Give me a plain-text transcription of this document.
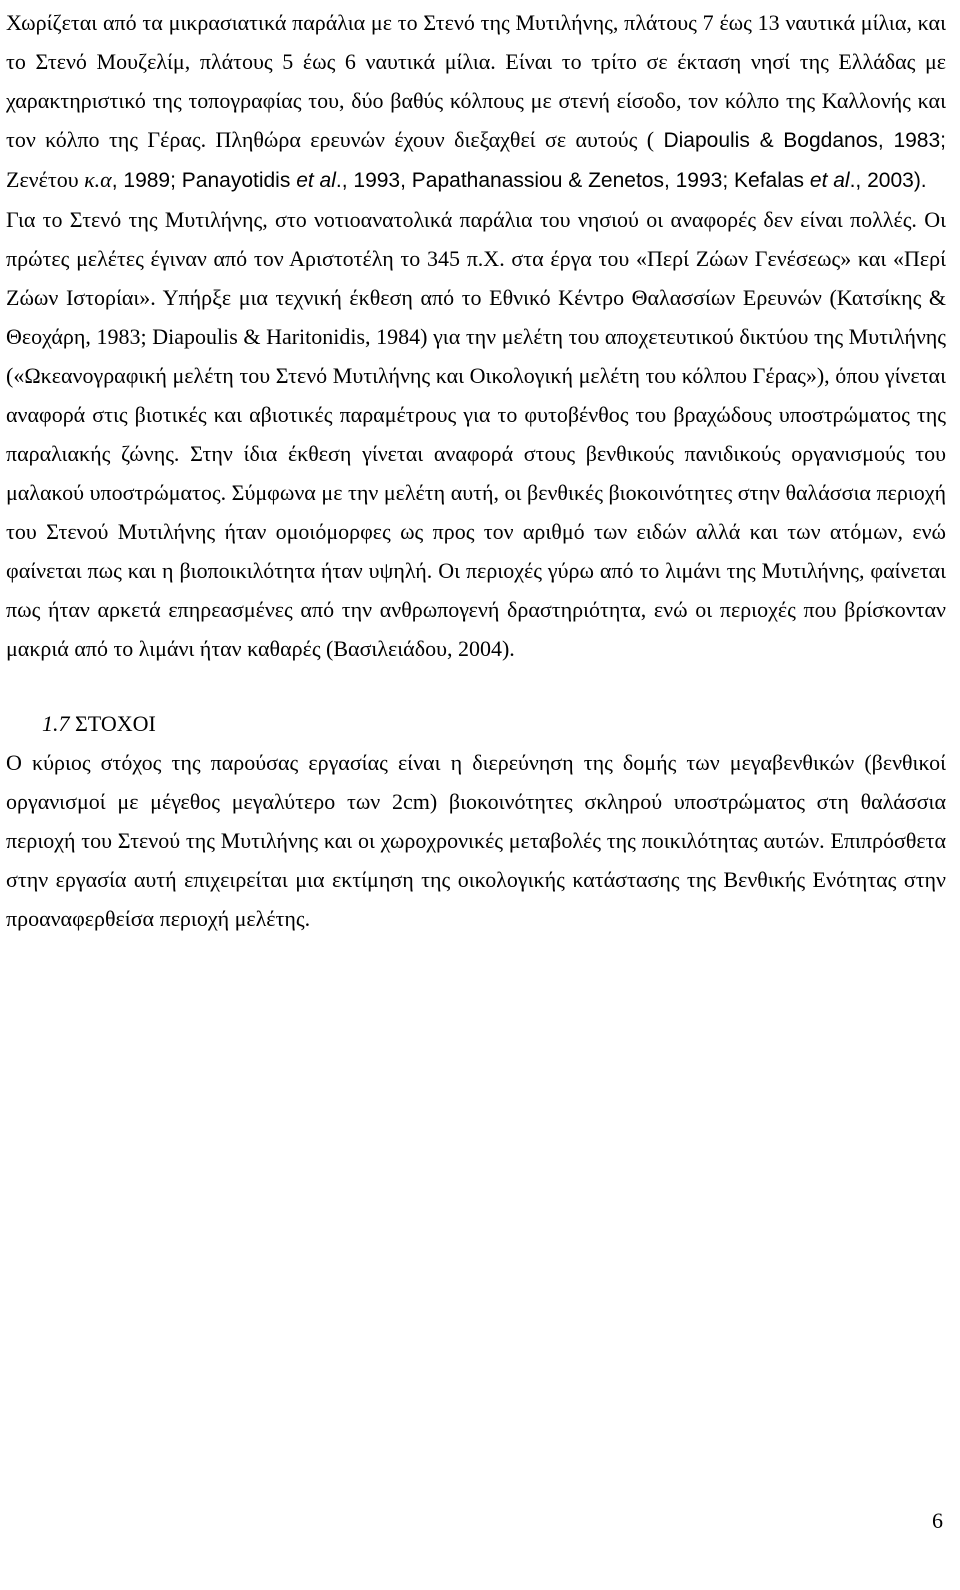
Χωρίζεται από τα μικρασιατικά παράλια με το Στενό της Μυτιλήνης, πλάτους 7 έως 13 ναυτικά μίλια, και το Στενό Μουζελίμ, πλάτους 5 έως 6 ναυτικά μίλια. Είναι το τρίτο σε έκταση νησί της Ελλάδας με χαρακτηριστικό της τοπογραφίας του, δύο βαθύς κόλπους με στενή είσοδο, τον κόλπο της Καλλονής και τον κόλπο της Γέρας. Πληθώρα ερευνών έχουν διεξαχθεί σε αυτούς ( Diapoulis & Bogdanos, 1983; Ζενέτου κ.α, 1989; Panayotidis et al., 1993, Papathanassiou & Zenetos, 1993; Kefalas et al., 2003).

Για το Στενό της Μυτιλήνης, στο νοτιοανατολικά παράλια του νησιού οι αναφορές δεν είναι πολλές. Οι πρώτες μελέτες έγιναν από τον Αριστοτέλη το 345 π.Χ. στα έργα του «Περί Ζώων Γενέσεως» και «Περί Ζώων Ιστορίαι». Υπήρξε μια τεχνική έκθεση από το Εθνικό Κέντρο Θαλασσίων Ερευνών (Κατσίκης & Θεοχάρη, 1983; Diapoulis & Haritonidis, 1984) για την μελέτη του αποχετευτικού δικτύου της Μυτιλήνης («Ωκεανογραφική μελέτη του Στενό Μυτιλήνης και Οικολογική μελέτη του κόλπου Γέρας»), όπου γίνεται αναφορά στις βιοτικές και αβιοτικές παραμέτρους για το φυτοβένθος του βραχώδους υποστρώματος της παραλιακής ζώνης. Στην ίδια έκθεση γίνεται αναφορά στους βενθικούς πανιδικούς οργανισμούς του μαλακού υποστρώματος. Σύμφωνα με την μελέτη αυτή, οι βενθικές βιοκοινότητες στην θαλάσσια περιοχή του Στενού Μυτιλήνης ήταν ομοιόμορφες ως προς τον αριθμό των ειδών αλλά και των ατόμων, ενώ φαίνεται πως και η βιοποικιλότητα ήταν υψηλή. Οι περιοχές γύρω από το λιμάνι της Μυτιλήνης, φαίνεται πως ήταν αρκετά επηρεασμένες από την ανθρωπογενή δραστηριότητα, ενώ οι περιοχές που βρίσκονταν μακριά από το λιμάνι ήταν καθαρές (Βασιλειάδου, 2004).

1.7 ΣΤΟΧΟΙ

Ο κύριος στόχος της παρούσας εργασίας είναι η διερεύνηση της δομής των μεγαβενθικών (βενθικοί οργανισμοί με μέγεθος μεγαλύτερο των 2cm) βιοκοινότητες σκληρού υποστρώματος στη θαλάσσια περιοχή του Στενού της Μυτιλήνης και οι χωροχρονικές μεταβολές της ποικιλότητας αυτών. Επιπρόσθετα στην εργασία αυτή επιχειρείται μια εκτίμηση της οικολογικής κατάστασης της Βενθικής Ενότητας στην προαναφερθείσα περιοχή μελέτης.

6
